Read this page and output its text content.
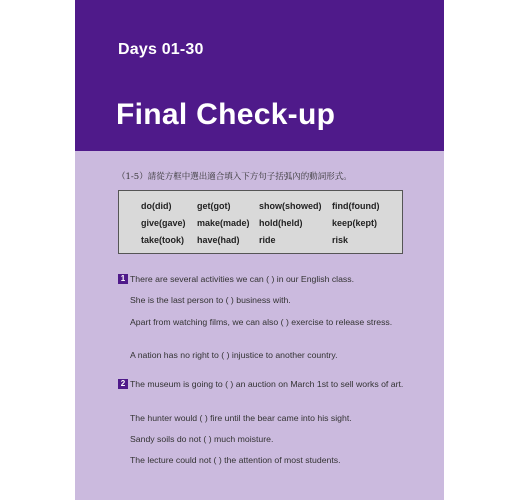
Days 01-30
Final Check-up
（1-5）請從方框中選出適合填入下方句子括弧內的動詞形式。
do(did)	get(got)	show(showed) find(found)
give(gave) make(made) hold(held)	keep(kept)
take(took) have(had) ride	risk
1 There are several activities we can ( ) in our English class.
She is the last person to ( ) business with.
Apart from watching films, we can also ( ) exercise to release stress.
A nation has no right to ( ) injustice to another country.
2 The museum is going to ( ) an auction on March 1st to sell works of art.
The hunter would ( ) fire until the bear came into his sight.
Sandy soils do not ( ) much moisture.
The lecture could not ( ) the attention of most students.
